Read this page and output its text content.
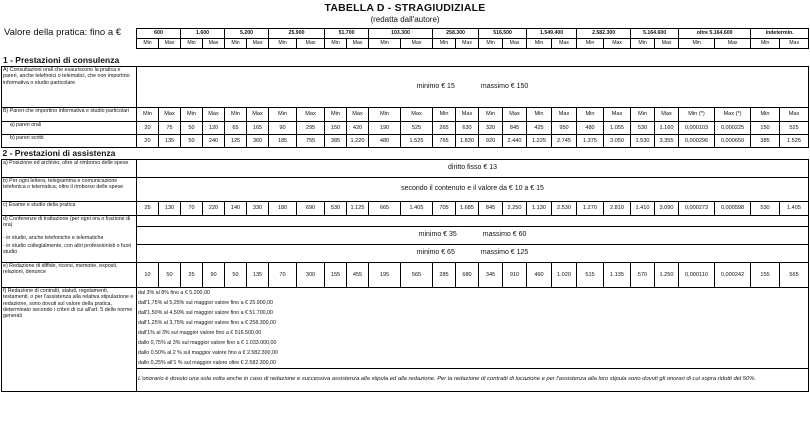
TABELLA D - STRAGIUDIZIALE
(redatta dall'autore)
Valore della pratica: fino a €	600		1.600		5.200		25.900		51.700		103.300		258.300		516.500		1.549.400		2.582.300		5.164.600		oltre 5.164.600		indetermin.	
Min	Max	Min	Max	Min	Max	Min	Max	Min	Max	Min	Max	Min	Max	Min	Max	Min	Max	Min	Max	Min	Max	Min	Max	Min	Max
1 - Prestazioni di consulenza
A) Consultazioni orali che esauriscono la pratica e pareri, anche telefonici o telematici, che non importino informativa o studio particolare	minimo € 15 massimo € 150																									
B) Pareri che importino informativa e studio particolari	Min	Max	Min	Max	Min	Max	Min	Max	Min	Max	Min	Max	Min	Max	Min	Max	Min	Max	Min	Max	Min	Max	Min (*)	Max (*)	Min	Max
a) pareri orali	20	75	50	120	65	165	90	295	150	420	190	525	265	630	320	845	425	950	480	1.055	530	1.160	0,000103	0,000225	150	525
b) pareri scritti	20	135	50	240	125	360	185	755	385	1.220	480	1.525	765	1.830	920	2.440	1.225	2.745	1.375	3.050	1.530	3.355	0,000296	0,000650	385	1.525
2 - Prestazioni di assistenza																										
a) Posizione ed archivio, oltre al rimborso delle spese	diritto fisso € 13																									
b) Per ogni lettera, telegramma e comunicazione telefonica o telematica, oltre il rimborso delle spese	secondo il contenuto e il valore da € 10 a € 15																									
c) Esame e studio della pratica	25	130	70	220	140	330	180	690	530	1.125	665	1.405	705	1.685	845	2.250	1.130	2.530	1.270	2.810	1.410	3.090	0,000273	0,000598	530	1.405

d) Conferenze di trattazione (per ogni ora o frazione di ora)
- in studio, anche telefoniche e telematiche
- in studio collegialmente, con altri professionisti o fuori studio																										

	minimo € 35 massimo € 60																									
	minimo € 65 massimo € 125																									
e) Redazione di diffide, ricorsi, memorie, esposti, relazioni, denunce	10	50	25	90	50	135	70	300	155	455	195	565	285	680	345	910	460	1.020	515	1.135	570	1.250	0,000110	0,000242	155	565
f) Redazione di contratti, statuti, regolamenti, testamenti, o per l'assistenza alla relativa stipulazione e redazione, sono dovuti sul valore della pratica, determinato secondo i criteri di cui all'art. 5 delle norme generali	dal 3% al 8% fino a € 5.200,00																									
	dall'1,75% al 5,25% sul maggior valore fino a € 25.900,00																									
	dall'1,50% al 4,50% sul maggior valore fino a € 51.700,00																									
	dall'1,25% al 3,75% sul maggior valore fino a € 258.300,00																									
	dall'1% al 3% sul maggior valore fino a € 516.500,00																									
	dallo 0,75% al 3% sul maggior valore fino a € 1.033.000,00																									
	dallo 0,50% al 2 % sul maggior valore fino a € 2.582.300,00																									
	dallo 0,25% all'1 % sul maggior valore oltre € 2.582.300,00																									
	L'onorario è dovuto una sola volta anche in caso di redazione e successiva assistenza alla stipula ed alla redazione. Per la redazione di contratti di locazione e per l'assistenza alla loro stipula sono dovuti gli onorari di cui sopra ridotti del 50%.																									
